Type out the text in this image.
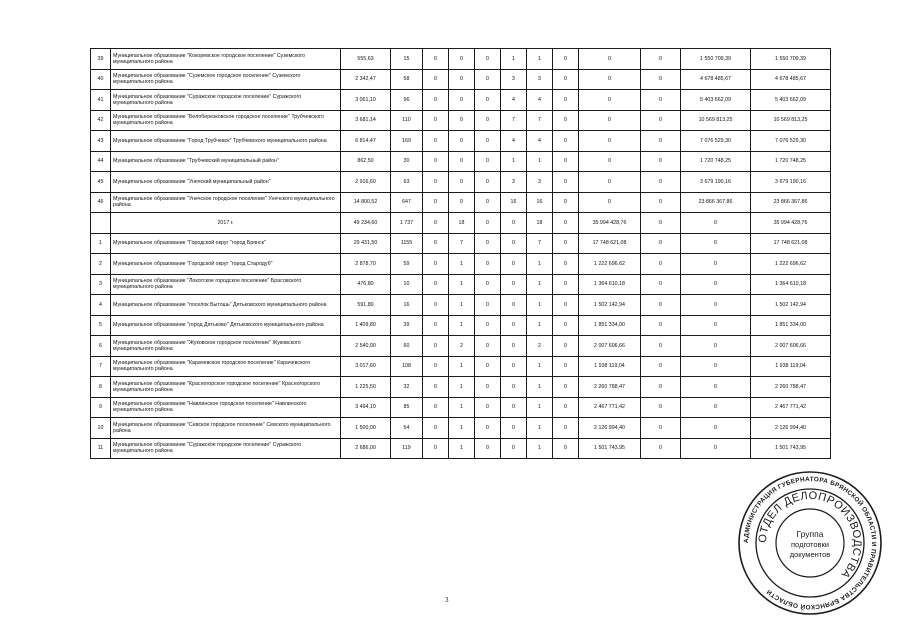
39	Муниципальное образование "Кокоревское городское поселение" Суземского муниципального района	555,63	15	0	0	0	1	1	0	0	0	1 550 709,39	1 550 709,39
40	Муниципальное образование "Суземское городское поселение" Суземского муниципального района	2 342,47	58	0	0	0	3	3	0	0	0	4 678 485,67	4 678 485,67
41	Муниципальное образование "Суражское городское поселение" Суражского муниципального района	3 061,10	96	0	0	0	4	4	0	0	0	5 403 662,09	5 403 662,09
42	Муниципальное образование "Белоберезковское городское поселение" Трубчевского муниципального района	3 681,14	110	0	0	0	7	7	0	0	0	10 569 813,25	10 569 813,25
43	Муниципальное образование "Город Трубчевск" Трубчевского муниципального района	6 814,47	169	0	0	0	4	4	0	0	0	7 076 529,30	7 076 529,30
44	Муниципальное образование "Трубчевский муниципальный район"	862,50	30	0	0	0	1	1	0	0	0	1 720 748,25	1 720 748,25
45	Муниципальное образование "Унечский муниципальный район"	2 916,60	63	0	0	0	3	3	0	0	0	3 679 190,16	3 679 190,16
46	Муниципальное образование "Унечское городское поселение" Унечского муниципального района	14 800,52	647	0	0	0	16	16	0	0	0	23 866 367,86	23 866 367,86
	2017 г.	49 234,60	1 737	0	18	0	0	18	0	35 994 428,76	0	0	35 994 428,76
1	Муниципальное образование "Городской округ "город Брянск"	29 431,50	1155	0	7	0	0	7	0	17 748 621,08	0	0	17 748 621,08
2	Муниципальное образование "Городской округ "город Стародуб"	2 878,70	59	0	1	0	0	1	0	1 222 696,62	0	0	1 222 696,62
3	Муниципальное образование "Локотское городское поселение" Брасовского муниципального района	476,80	10	0	1	0	0	1	0	1 364 610,18	0	0	1 364 610,18
4	Муниципальное образование "поселок Бытошь" Дятьковского муниципального района	591,80	16	0	1	0	0	1	0	1 502 142,94	0	0	1 502 142,94
5	Муниципальное образование "город Дятьково" Дятьковского муниципального района	1 409,80	39	0	1	0	0	1	0	1 851 334,00	0	0	1 851 334,00
6	Муниципальное образование "Жуковское городское поселение" Жуковского муниципального района	2 540,00	60	0	2	0	0	2	0	2 007 606,66	0	0	2 007 606,66
7	Муниципальное образование "Карачевское городское поселение" Карачевского муниципального района	3 017,60	108	0	1	0	0	1	0	1 938 119,04	0	0	1 938 119,04
8	Муниципальное образование "Красногорское городское поселение" Красногорского муниципального района	1 225,50	32	0	1	0	0	1	0	2 260 788,47	0	0	2 260 788,47
9	Муниципальное образование "Навлинское городское поселение" Навлинского муниципального района	3 494,10	85	0	1	0	0	1	0	2 467 771,42	0	0	2 467 771,42
10	Муниципальное образование "Севское городское поселение" Севского муниципального района	1 500,00	54	0	1	0	0	1	0	2 126 994,40	0	0	2 126 994,40
11	Муниципальное образование "Суражское городское поселение" Суражского муниципального района	2 686,00	119	0	1	0	0	1	0	1 501 743,95	0	0	1 501 743,95
3
АДМИНИСТРАЦИЯ ГУБЕРНАТОРА БРЯНСКОЙ ОБЛАСТИ И ПРАВИТЕЛЬСТВА БРЯНСКОЙ ОБЛАСТИ
ОТДЕЛ ДЕЛОПРОИЗВОДСТВА
Группа
подготовки
документов
